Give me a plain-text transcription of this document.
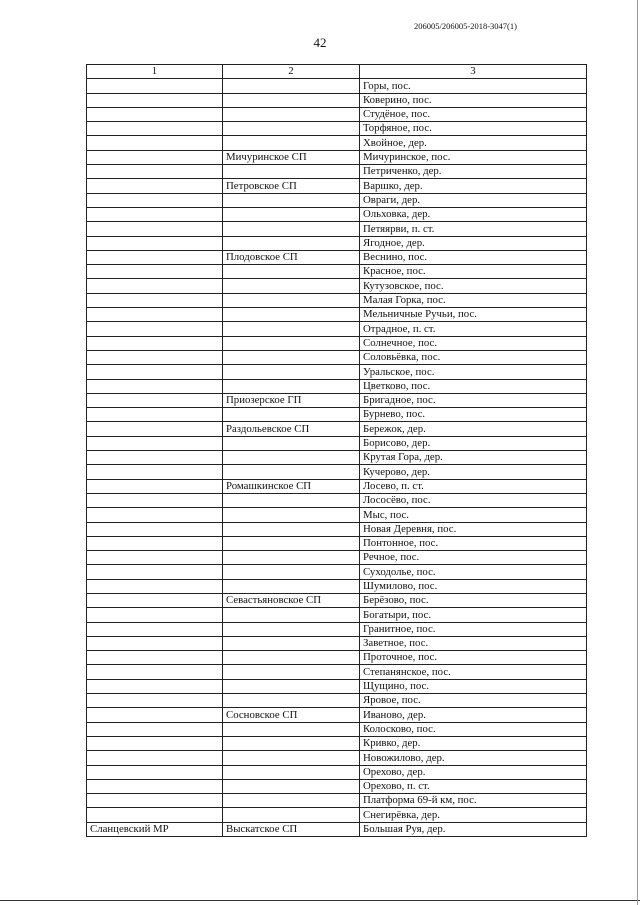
206005/206005-2018-3047(1)
42
1	2	3
		Горы, пос.
		Коверино, пос.
		Студёное, пос.
		Торфяное, пос.
		Хвойное, дер.
	Мичуринское СП	Мичуринское, пос.
		Петриченко, дер.
	Петровское СП	Варшко, дер.
		Овраги, дер.
		Ольховка, дер.
		Петяярви, п. ст.
		Ягодное, дер.
	Плодовское СП	Веснино, пос.
		Красное, пос.
		Кутузовское, пос.
		Малая Горка, пос.
		Мельничные Ручьи, пос.
		Отрадное, п. ст.
		Солнечное, пос.
		Соловьёвка, пос.
		Уральское, пос.
		Цветково, пос.
	Приозерское ГП	Бригадное, пос.
		Бурнево, пос.
	Раздольевское СП	Бережок, дер.
		Борисово, дер.
		Крутая Гора, дер.
		Кучерово, дер.
	Ромашкинское СП	Лосево, п. ст.
		Лососёво, пос.
		Мыс, пос.
		Новая Деревня, пос.
		Понтонное, пос.
		Речное, пос.
		Суходолье, пос.
		Шумилово, пос.
	Севастьяновское СП	Берёзово, пос.
		Богатыри, пос.
		Гранитное, пос.
		Заветное, пос.
		Проточное, пос.
		Степанянское, пос.
		Щущино, пос.
		Яровое, пос.
	Сосновское СП	Иваново, дер.
		Колосково, пос.
		Кривко, дер.
		Новожилово, дер.
		Орехово, дер.
		Орехово, п. ст.
		Платформа 69-й км, пос.
		Снегирёвка, дер.
Сланцевский МР	Выскатское СП	Большая Руя, дер.
